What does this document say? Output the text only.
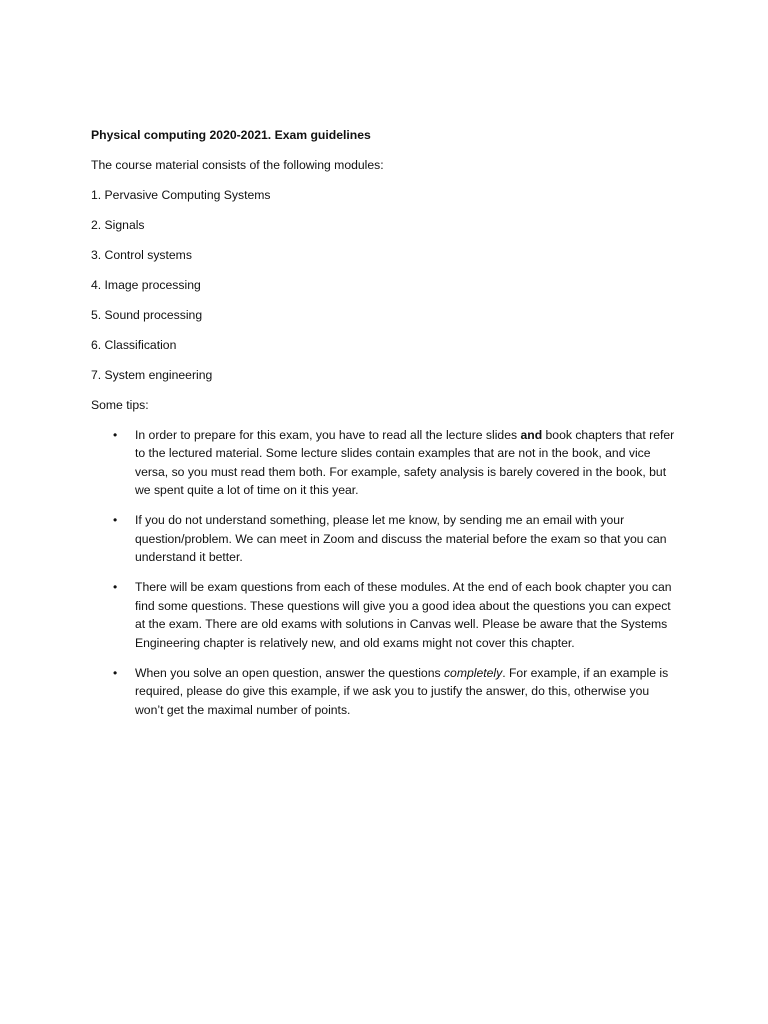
Physical computing 2020-2021. Exam guidelines

The course material consists of the following modules:

1. Pervasive Computing Systems

2. Signals

3. Control systems

4. Image processing

5. Sound processing

6. Classification

7. System engineering

Some tips:

• In order to prepare for this exam, you have to read all the lecture slides and book chapters that refer to the lectured material. Some lecture slides contain examples that are not in the book, and vice versa, so you must read them both. For example, safety analysis is barely covered in the book, but we spent quite a lot of time on it this year.
• If you do not understand something, please let me know, by sending me an email with your question/problem. We can meet in Zoom and discuss the material before the exam so that you can understand it better.
• There will be exam questions from each of these modules. At the end of each book chapter you can find some questions. These questions will give you a good idea about the questions you can expect at the exam. There are old exams with solutions in Canvas well. Please be aware that the Systems Engineering chapter is relatively new, and old exams might not cover this chapter.
• When you solve an open question, answer the questions completely. For example, if an example is required, please do give this example, if we ask you to justify the answer, do this, otherwise you won’t get the maximal number of points.
